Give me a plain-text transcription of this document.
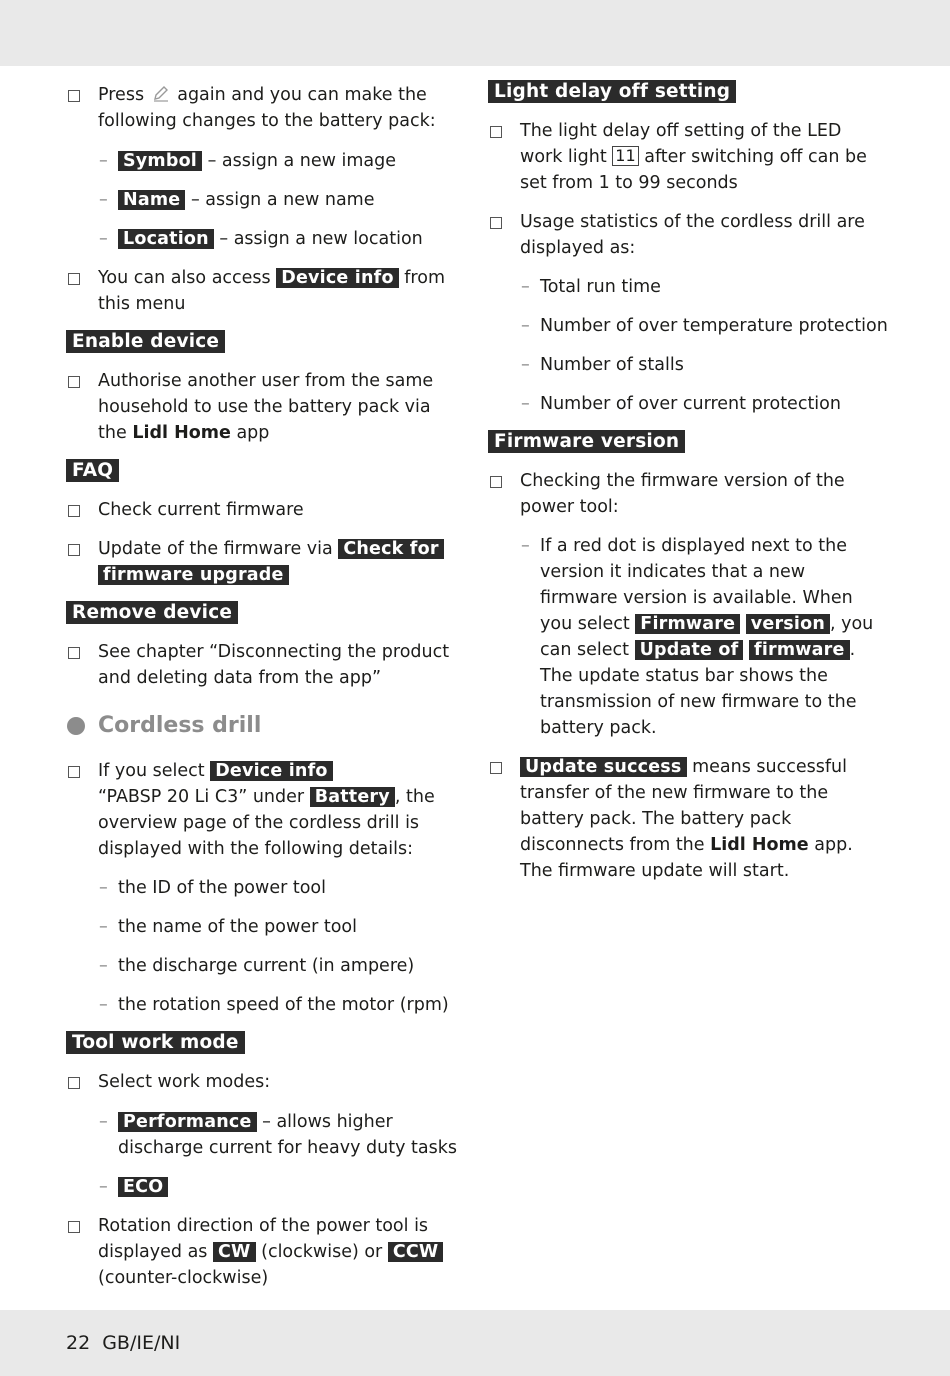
Press again and you can make the following changes to the battery pack:
– Symbol – assign a new image
– Name – assign a new name
– Location – assign a new location
You can also access Device info from this menu
Enable device
Authorise another user from the same household to use the battery pack via the Lidl Home app
FAQ
Check current firmware
Update of the firmware via Check for
firmware upgrade
Remove device
See chapter “Disconnecting the product and deleting data from the app”
Cordless drill
If you select Device info
“PABSP 20 Li C3” under Battery , the overview page of the cordless drill is displayed with the following details:
– the ID of the power tool
– the name of the power tool
– the discharge current (in ampere)
– the rotation speed of the motor (rpm)
Tool work mode
Select work modes:
– Performance – allows higher discharge current for heavy duty tasks
– ECO
Rotation direction of the power tool is displayed as CW (clockwise) or CCW (counter-clockwise)
Light delay off setting
The light delay off setting of the LED work light 11 after switching off can be set from 1 to 99 seconds
Usage statistics of the cordless drill are displayed as:
– Total run time
– Number of over temperature protection
– Number of stalls
– Number of over current protection
Firmware version
Checking the firmware version of the power tool:
– If a red dot is displayed next to the version it indicates that a new firmware version is available. When you select Firmware version , you can select Update of firmware . The update status bar shows the transmission of new firmware to the battery pack.
Update success means successful transfer of the new firmware to the battery pack. The battery pack disconnects from the Lidl Home app. The firmware update will start.
22 GB/IE/NI
